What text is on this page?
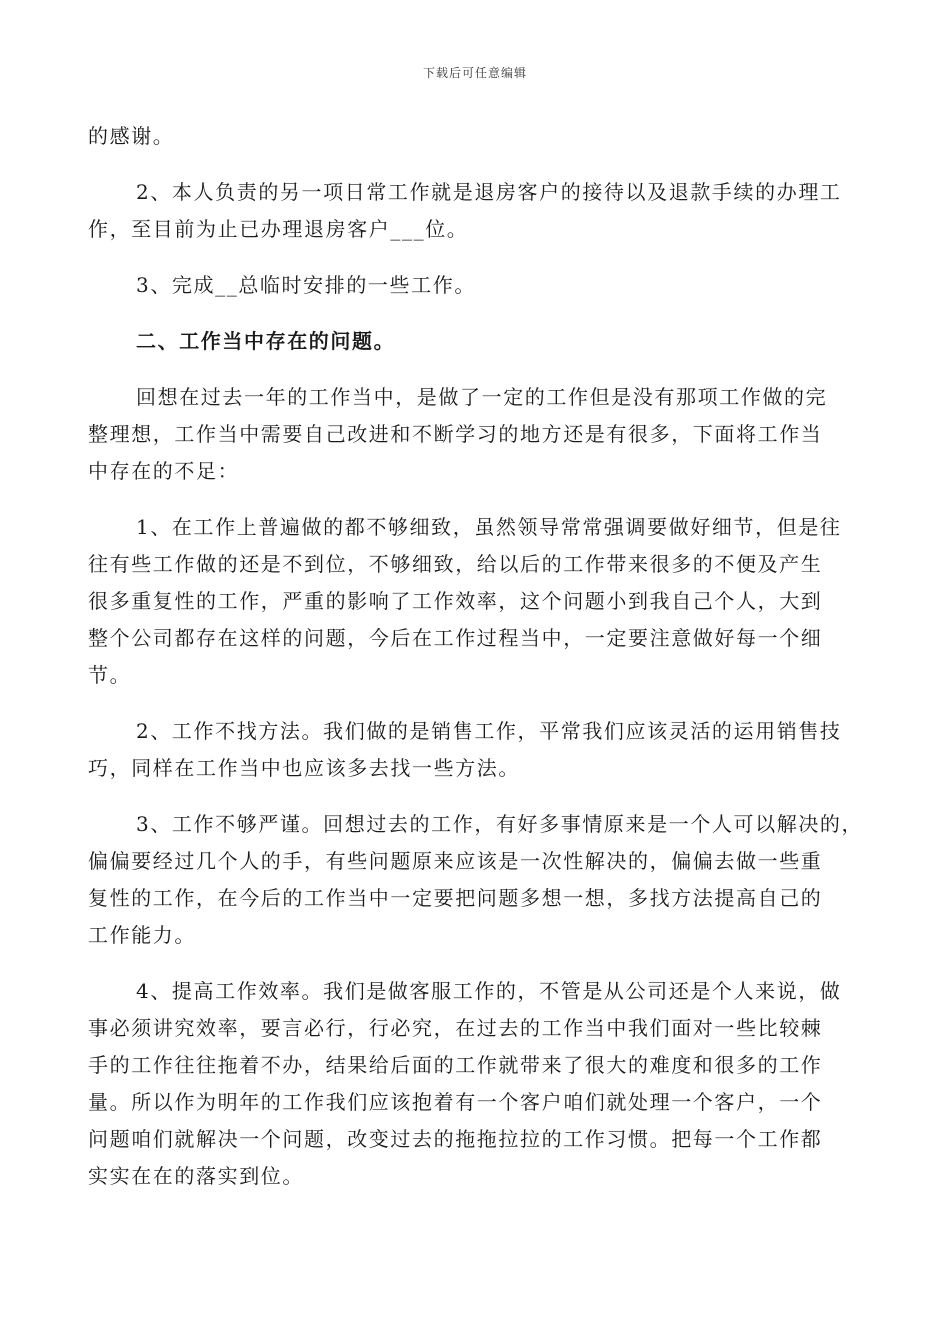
下载后可任意编辑

的感谢。

2、本人负责的另一项日常工作就是退房客户的接待以及退款手续的办理工
作，至目前为止已办理退房客户___位。

3、完成__总临时安排的一些工作。

二、工作当中存在的问题。

回想在过去一年的工作当中，是做了一定的工作但是没有那项工作做的完
整理想，工作当中需要自己改进和不断学习的地方还是有很多，下面将工作当
中存在的不足：

1、在工作上普遍做的都不够细致，虽然领导常常强调要做好细节，但是往
往有些工作做的还是不到位，不够细致，给以后的工作带来很多的不便及产生
很多重复性的工作，严重的影响了工作效率，这个问题小到我自己个人，大到
整个公司都存在这样的问题，今后在工作过程当中，一定要注意做好每一个细
节。

2、工作不找方法。我们做的是销售工作，平常我们应该灵活的运用销售技
巧，同样在工作当中也应该多去找一些方法。

3、工作不够严谨。回想过去的工作，有好多事情原来是一个人可以解决的，
偏偏要经过几个人的手，有些问题原来应该是一次性解决的，偏偏去做一些重
复性的工作，在今后的工作当中一定要把问题多想一想，多找方法提高自己的
工作能力。

4、提高工作效率。我们是做客服工作的，不管是从公司还是个人来说，做
事必须讲究效率，要言必行，行必究，在过去的工作当中我们面对一些比较棘
手的工作往往拖着不办，结果给后面的工作就带来了很大的难度和很多的工作
量。所以作为明年的工作我们应该抱着有一个客户咱们就处理一个客户，一个
问题咱们就解决一个问题，改变过去的拖拖拉拉的工作习惯。把每一个工作都
实实在在的落实到位。
